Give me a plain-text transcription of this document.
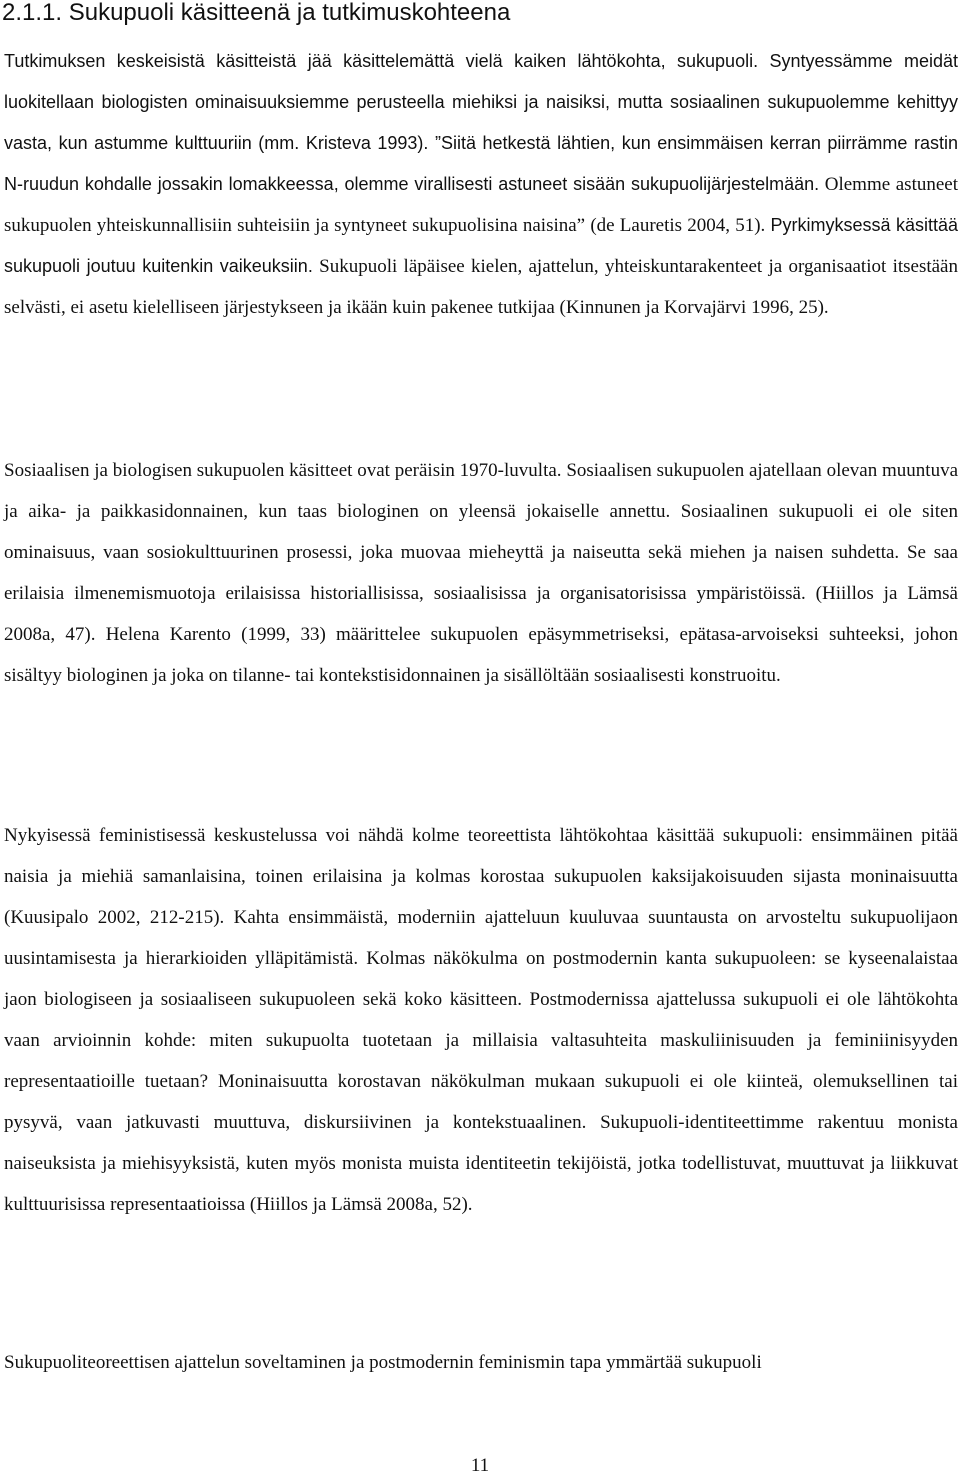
2.1.1. Sukupuoli käsitteenä ja tutkimuskohteena

Tutkimuksen keskeisistä käsitteistä jää käsittelemättä vielä kaiken lähtökohta, sukupuoli. Syntyessämme meidät luokitellaan biologisten ominaisuuksiemme perusteella miehiksi ja naisiksi, mutta sosiaalinen sukupuolemme kehittyy vasta, kun astumme kulttuuriin (mm. Kristeva 1993). ”Siitä hetkestä lähtien, kun ensimmäisen kerran piirrämme rastin N-ruudun kohdalle jossakin lomakkeessa, olemme virallisesti astuneet sisään sukupuolijärjestelmään. Olemme astuneet sukupuolen yhteiskunnallisiin suhteisiin ja syntyneet sukupuolisina naisina” (de Lauretis 2004, 51). Pyrkimyksessä käsittää sukupuoli joutuu kuitenkin vaikeuksiin. Sukupuoli läpäisee kielen, ajattelun, yhteiskuntarakenteet ja organisaatiot itsestään selvästi, ei asetu kielelliseen järjestykseen ja ikään kuin pakenee tutkijaa (Kinnunen ja Korvajärvi 1996, 25).

Sosiaalisen ja biologisen sukupuolen käsitteet ovat peräisin 1970-luvulta. Sosiaalisen sukupuolen ajatellaan olevan muuntuva ja aika- ja paikkasidonnainen, kun taas biologinen on yleensä jokaiselle annettu. Sosiaalinen sukupuoli ei ole siten ominaisuus, vaan sosiokulttuurinen prosessi, joka muovaa mieheyttä ja naiseutta sekä miehen ja naisen suhdetta. Se saa erilaisia ilmenemismuotoja erilaisissa historiallisissa, sosiaalisissa ja organisatorisissa ympäristöissä. (Hiillos ja Lämsä 2008a, 47). Helena Karento (1999, 33) määrittelee sukupuolen epäsymmetriseksi, epätasa-arvoiseksi suhteeksi, johon sisältyy biologinen ja joka on tilanne- tai kontekstisidonnainen ja sisällöltään sosiaalisesti konstruoitu.

Nykyisessä feministisessä keskustelussa voi nähdä kolme teoreettista lähtökohtaa käsittää sukupuoli: ensimmäinen pitää naisia ja miehiä samanlaisina, toinen erilaisina ja kolmas korostaa sukupuolen kaksijakoisuuden sijasta moninaisuutta (Kuusipalo 2002, 212-215). Kahta ensimmäistä, moderniin ajatteluun kuuluvaa suuntausta on arvosteltu sukupuolijaon uusintamisesta ja hierarkioiden ylläpitämistä. Kolmas näkökulma on postmodernin kanta sukupuoleen: se kyseenalaistaa jaon biologiseen ja sosiaaliseen sukupuoleen sekä koko käsitteen. Postmodernissa ajattelussa sukupuoli ei ole lähtökohta vaan arvioinnin kohde: miten sukupuolta tuotetaan ja millaisia valtasuhteita maskuliinisuuden ja feminiinisyyden representaatioille tuetaan? Moninaisuutta korostavan näkökulman mukaan sukupuoli ei ole kiinteä, olemuksellinen tai pysyvä, vaan jatkuvasti muuttuva, diskursiivinen ja kontekstuaalinen. Sukupuoli-identiteettimme rakentuu monista naiseuksista ja miehisyyksistä, kuten myös monista muista identiteetin tekijöistä, jotka todellistuvat, muuttuvat ja liikkuvat kulttuurisissa representaatioissa (Hiillos ja Lämsä 2008a, 52).

Sukupuoliteoreettisen ajattelun soveltaminen ja postmodernin feminismin tapa ymmärtää sukupuoli

11
